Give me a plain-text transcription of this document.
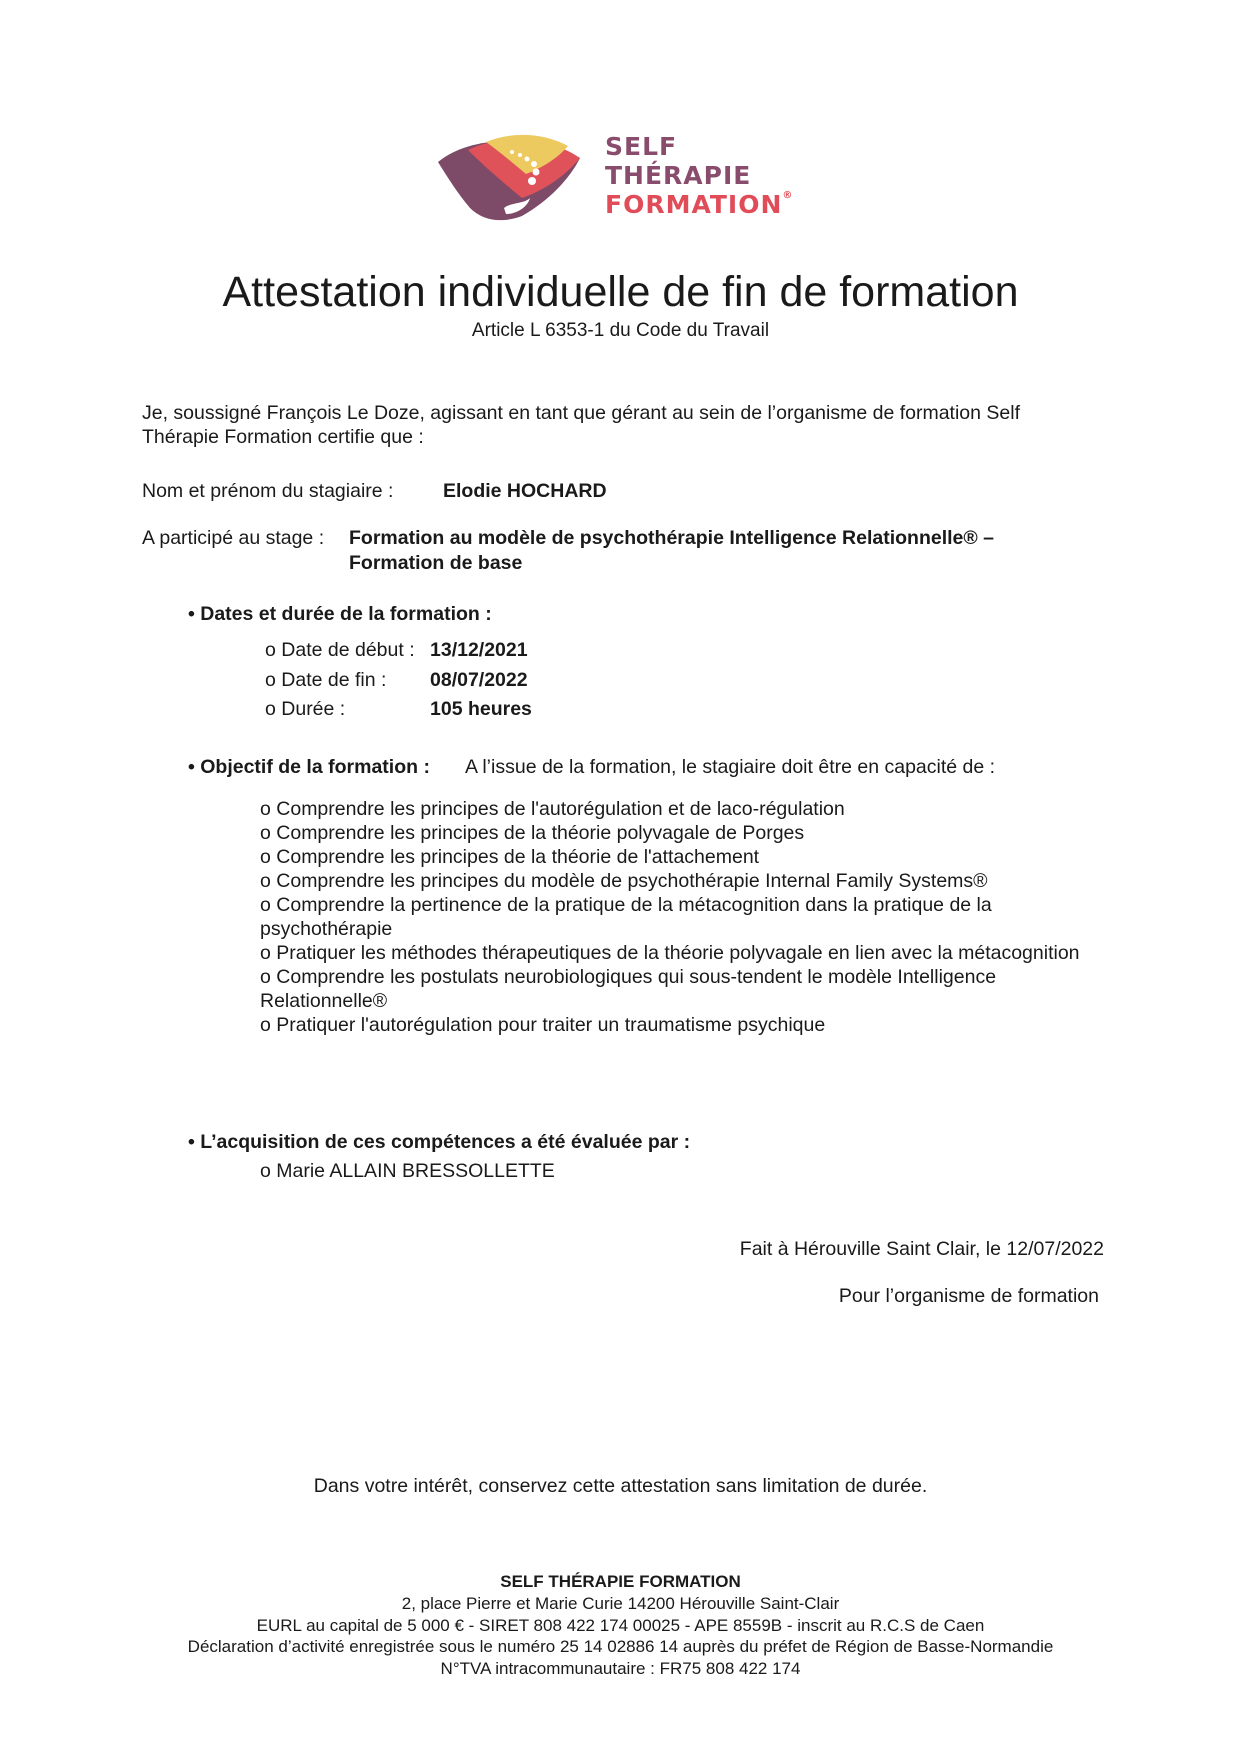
SELF
THÉRAPIE
FORMATION®
Attestation individuelle de fin de formation
Article L 6353-1 du Code du Travail
Je, soussigné François Le Doze, agissant en tant que gérant au sein de l’organisme de formation Self Thérapie Formation certifie que :
Nom et prénom du stagiaire :	Elodie HOCHARD
A participé au stage : Formation au modèle de psychothérapie Intelligence Relationnelle® –
Formation de base
• Dates et durée de la formation :
o Date de début : 13/12/2021
o Date de fin : 08/07/2022
o Durée :	105 heures
• Objectif de la formation : A l’issue de la formation, le stagiaire doit être en capacité de :
o Comprendre les principes de l'autorégulation et de laco-régulation
o Comprendre les principes de la théorie polyvagale de Porges
o Comprendre les principes de la théorie de l'attachement
o Comprendre les principes du modèle de psychothérapie Internal Family Systems®
o Comprendre la pertinence de la pratique de la métacognition dans la pratique de la psychothérapie
o Pratiquer les méthodes thérapeutiques de la théorie polyvagale en lien avec la métacognition
o Comprendre les postulats neurobiologiques qui sous-tendent le modèle Intelligence Relationnelle®
o Pratiquer l'autorégulation pour traiter un traumatisme psychique
• L’acquisition de ces compétences a été évaluée par :
o Marie ALLAIN BRESSOLLETTE
Fait à Hérouville Saint Clair, le 12/07/2022
Pour l’organisme de formation
Dans votre intérêt, conservez cette attestation sans limitation de durée.
SELF THÉRAPIE FORMATION
2, place Pierre et Marie Curie 14200 Hérouville Saint-Clair
EURL au capital de 5 000 € - SIRET 808 422 174 00025 - APE 8559B - inscrit au R.C.S de Caen
Déclaration d’activité enregistrée sous le numéro 25 14 02886 14 auprès du préfet de Région de Basse-Normandie
N°TVA intracommunautaire : FR75 808 422 174
